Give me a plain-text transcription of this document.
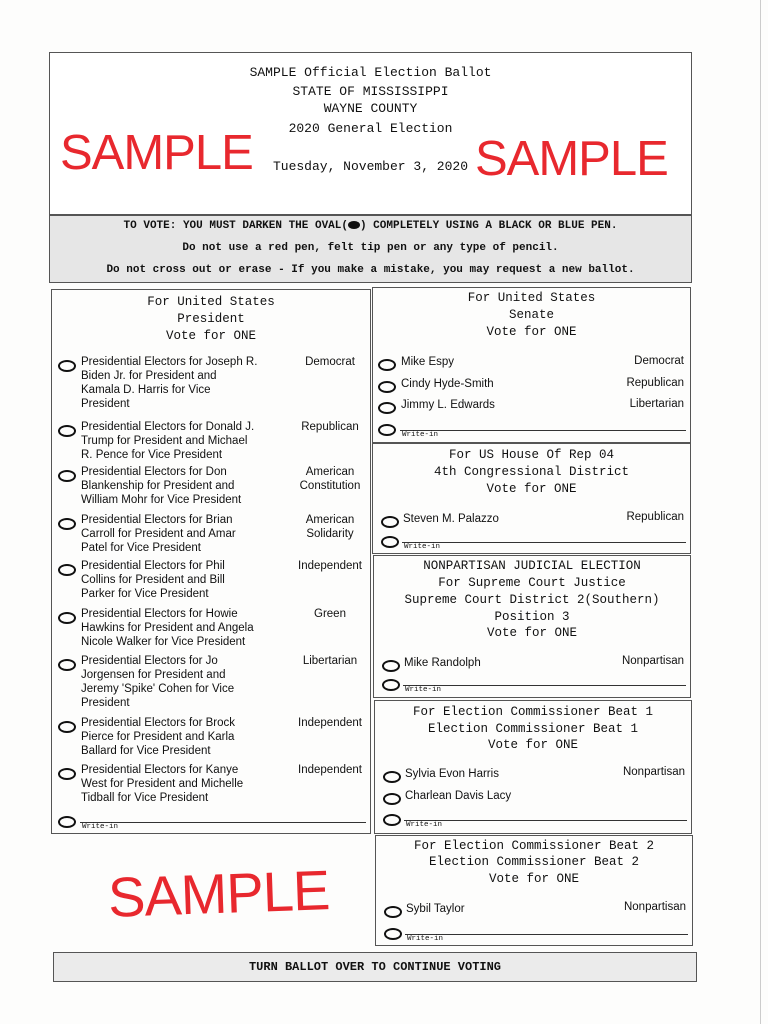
SAMPLE Official Election Ballot
STATE OF MISSISSIPPI
WAYNE COUNTY
2020 General Election
Tuesday, November 3, 2020
SAMPLE	SAMPLE
TO VOTE: YOU MUST DARKEN THE OVAL( ) COMPLETELY USING A BLACK OR BLUE PEN.
Do not use a red pen, felt tip pen or any type of pencil.
Do not cross out or erase - If you make a mistake, you may request a new ballot.
For United States
President
Vote for ONE
Presidential Electors for Joseph R.
Biden Jr. for President and
Kamala D. Harris for Vice
President
Democrat
Presidential Electors for Donald J.
Trump for President and Michael
R. Pence for Vice President
Republican
Presidential Electors for Don
Blankenship for President and
William Mohr for Vice President
American
Constitution
Presidential Electors for Brian
Carroll for President and Amar
Patel for Vice President
American
Solidarity
Presidential Electors for Phil
Collins for President and Bill
Parker for Vice President
Independent
Presidential Electors for Howie
Hawkins for President and Angela
Nicole Walker for Vice President
Green
Presidential Electors for Jo
Jorgensen for President and
Jeremy 'Spike' Cohen for Vice
President
Libertarian
Presidential Electors for Brock
Pierce for President and Karla
Ballard for Vice President
Independent
Presidential Electors for Kanye
West for President and Michelle
Tidball for Vice President
Independent
Write-in
For United States
Senate
Vote for ONE
Mike Espy	Democrat
Cindy Hyde-Smith	Republican
Jimmy L. Edwards	Libertarian
Write-in
For US House Of Rep 04
4th Congressional District
Vote for ONE
Steven M. Palazzo	Republican
Write-in
NONPARTISAN JUDICIAL ELECTION
For Supreme Court Justice
Supreme Court District 2(Southern)
Position 3
Vote for ONE
Mike Randolph	Nonpartisan
Write-in
For Election Commissioner Beat 1
Election Commissioner Beat 1
Vote for ONE
Sylvia Evon Harris	Nonpartisan
Charlean Davis Lacy
Write-in
For Election Commissioner Beat 2
Election Commissioner Beat 2
Vote for ONE
Sybil Taylor	Nonpartisan
Write-in
SAMPLE
TURN BALLOT OVER TO CONTINUE VOTING
